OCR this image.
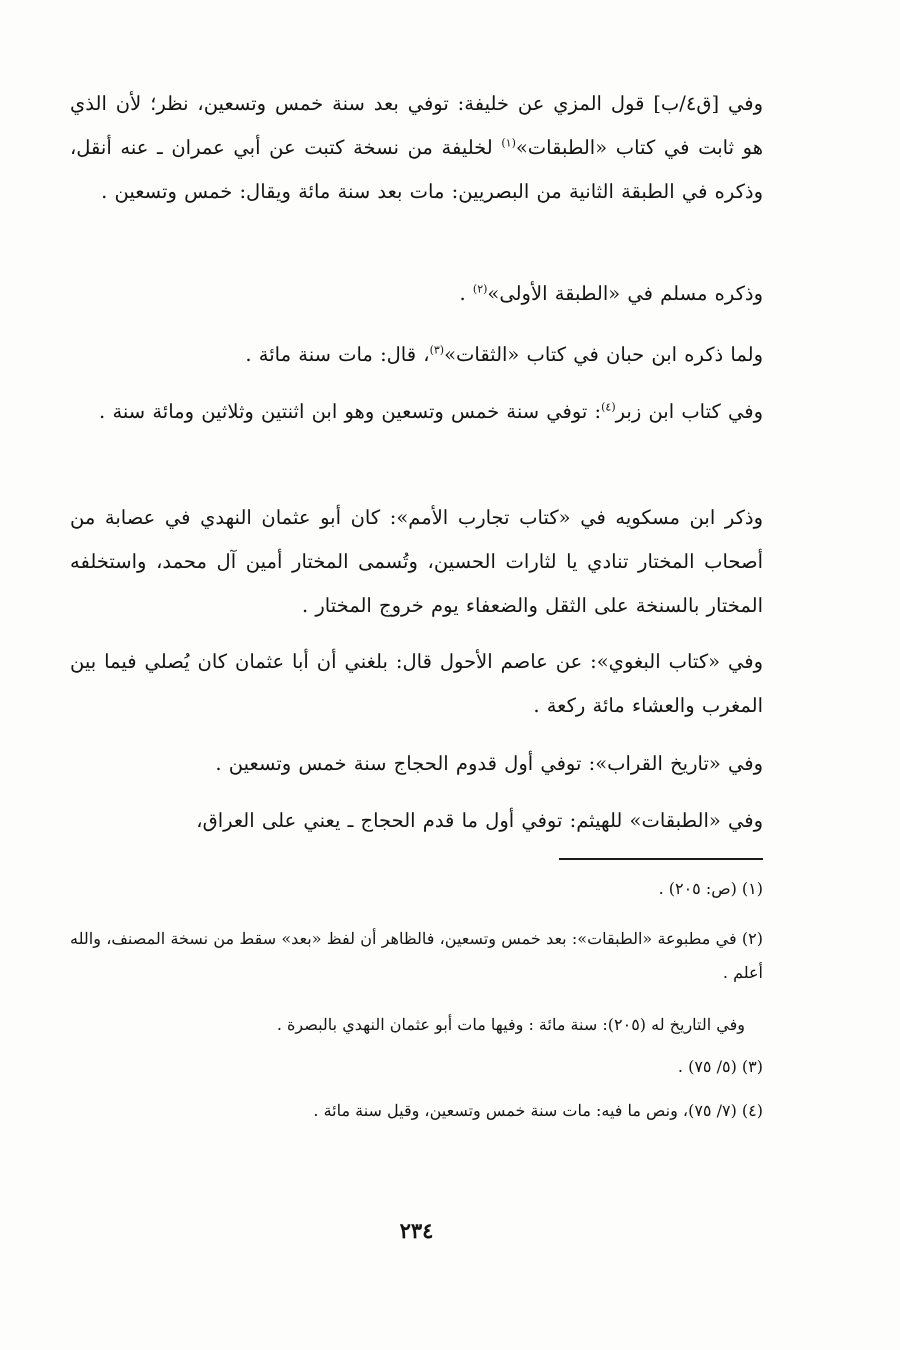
وفي [ق٤/ب] قول المزي عن خليفة: توفي بعد سنة خمس وتسعين، نظر؛ لأن الذي هو ثابت في كتاب «الطبقات»$^{(١)}$ لخليفة من نسخة كتبت عن أبي عمران ـ عنه أنقل، وذكره في الطبقة الثانية من البصريين: مات بعد سنة مائة ويقال: خمس وتسعين .

وذكره مسلم في «الطبقة الأولى»$^{(٢)}$ .

ولما ذكره ابن حبان في كتاب «الثقات»$^{(٣)}$، قال: مات سنة مائة .

وفي كتاب ابن زبر$^{(٤)}$: توفي سنة خمس وتسعين وهو ابن اثنتين وثلاثين ومائة سنة .

وذكر ابن مسكويه في «كتاب تجارب الأمم»: كان أبو عثمان النهدي في عصابة من أصحاب المختار تنادي يا لثارات الحسين، وتُسمى المختار أمين آل محمد، واستخلفه المختار بالسنخة على الثقل والضعفاء يوم خروج المختار .

وفي «كتاب البغوي»: عن عاصم الأحول قال: بلغني أن أبا عثمان كان يُصلي فيما بين المغرب والعشاء مائة ركعة .

وفي «تاريخ القراب»: توفي أول قدوم الحجاج سنة خمس وتسعين .

وفي «الطبقات» للهيثم: توفي أول ما قدم الحجاج ـ يعني على العراق،

(١) (ص: ٢٠٥) .

(٢) في مطبوعة «الطبقات»: بعد خمس وتسعين، فالظاهر أن لفظ «بعد» سقط من نسخة المصنف، والله أعلم .

وفي التاريخ له (٢٠٥): سنة مائة : وفيها مات أبو عثمان النهدي بالبصرة .

(٣) (٥/ ٧٥) .

(٤) (٧/ ٧٥)، ونص ما فيه: مات سنة خمس وتسعين، وقيل سنة مائة .

٢٣٤
